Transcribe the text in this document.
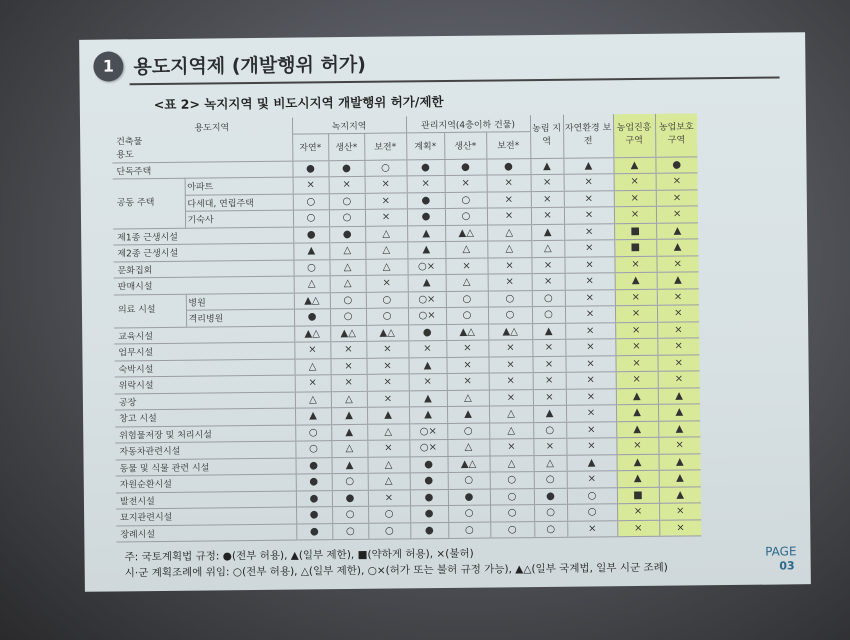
1	용도지역제 (개발행위 허가)
<표 2> 녹지지역 및 비도시지역 개발행위 허가/제한
용도지역		녹지지역			관리지역(4층이하 건물)			농림 지역	자연환경 보전	농업진흥 구역	농업보호 구역

건축물
용도		자연*	생산*	보전*	계획*	생산*	보전*				
단독주택		●	●	○	●	●	●	▲	▲	▲	●
공동 주택	아파트	×	×	×	×	×	×	×	×	×	×
	다세대, 연립주택	○	○	×	●	○	×	×	×	×	×
	기숙사	○	○	×	●	○	×	×	×	×	×
제1종 근생시설		●	●	△	▲	▲△	△	▲	×	■	▲
제2종 근생시설		▲	△	△	▲	△	△	△	×	■	▲
문화집회		○	△	△	○×	×	×	×	×	×	×
판매시설		△	△	×	▲	△	×	×	×	▲	▲
의료 시설	병원	▲△	○	○	○×	○	○	○	×	×	×
	격리병원	●	○	○	○×	○	○	○	×	×	×
교육시설		▲△	▲△	▲△	●	▲△	▲△	▲	×	×	×
업무시설		×	×	×	×	×	×	×	×	×	×
숙박시설		△	×	×	▲	×	×	×	×	×	×
위락시설		×	×	×	×	×	×	×	×	×	×
공장		△	△	×	▲	△	×	×	×	▲	▲
창고 시설		▲	▲	▲	▲	▲	△	▲	×	▲	▲
위험물저장 및 처리시설		○	▲	△	○×	○	△	○	×	▲	▲
자동차관련시설		○	△	×	○×	△	×	×	×	×	×
동물 및 식물 관련 시설		●	▲	△	●	▲△	△	△	▲	▲	▲
자원순환시설		●	○	△	●	○	○	○	×	▲	▲
발전시설		●	●	×	●	●	○	●	○	■	▲
묘지관련시설		●	○	○	●	○	○	○	○	×	×
장례시설		●	○	○	●	○	○	○	×	×	×
주: 국토계획법 규정: ●(전부 허용), ▲(일부 제한), ■(약하게 허용), ×(불허)
시·군 계획조례에 위임: ○(전부 허용), △(일부 제한), ○×(허가 또는 불허 규정 가능), ▲△(일부 국계법, 일부 시군 조례)
PAGE
03
